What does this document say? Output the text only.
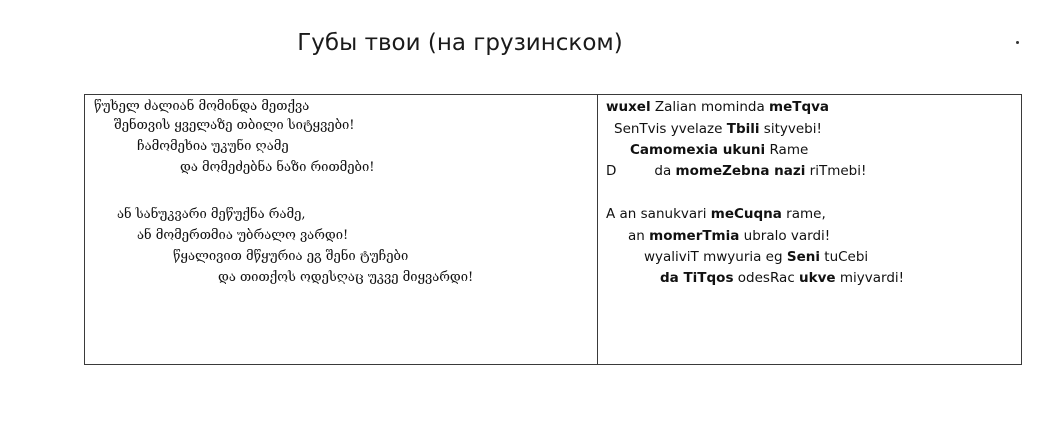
Губы твои (на грузинском)
წუხელ ძალიან მომინდა მეთქვა
შენთვის ყველაზე თბილი სიტყვები!
ჩამომეხია უკუნი ღამე
და მომეძებნა ნაზი რითმები!
ან სანუკვარი მეწუქნა რამე,
ან მომერთმია უბრალო ვარდი!
წყალივით მწყურია ეგ შენი ტუჩები
და თითქოს ოდესღაც უკვე მიყვარდი!
wuxel Zalian mominda meTqva
SenTvis yvelaze Tbili sityvebi!
Camomexia ukuni Rame
D	da momeZebna nazi riTmebi!
A an sanukvari meCuqna rame,
an momerTmia ubralo vardi!
wyaliviT mwyuria eg Seni tuCebi
da TiTqos odesRac ukve miyvardi!
